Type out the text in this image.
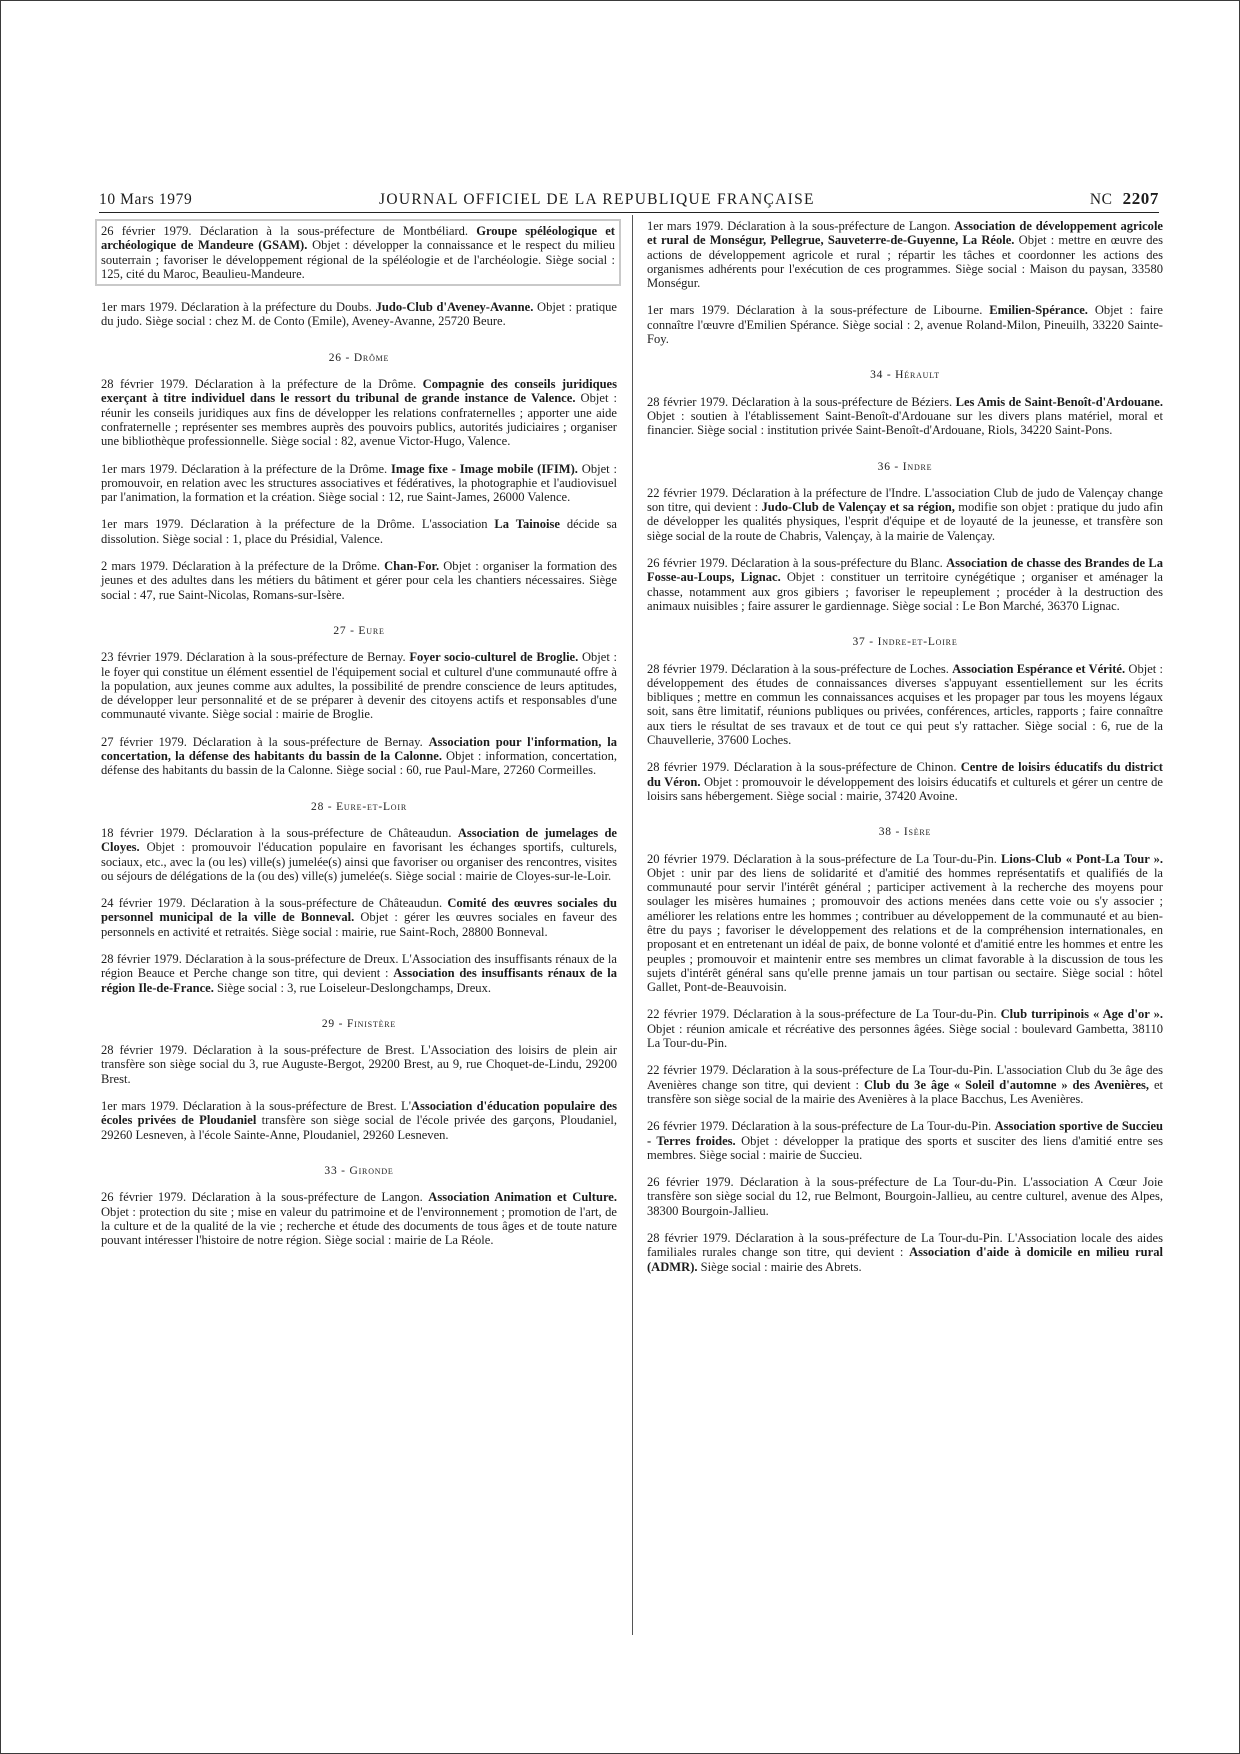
10 Mars 1979	JOURNAL OFFICIEL DE LA REPUBLIQUE FRANÇAISE	NC 2207

26 février 1979. Déclaration à la sous-préfecture de Montbéliard. Groupe spéléologique et archéologique de Mandeure (GSAM). Objet : développer la connaissance et le respect du milieu souterrain ; favoriser le développement régional de la spéléologie et de l'archéologie. Siège social : 125, cité du Maroc, Beaulieu-Mandeure.

1er mars 1979. Déclaration à la préfecture du Doubs. Judo-Club d'Aveney-Avanne. Objet : pratique du judo. Siège social : chez M. de Conto (Emile), Aveney-Avanne, 25720 Beure.

26 - Drôme

28 février 1979. Déclaration à la préfecture de la Drôme. Compagnie des conseils juridiques exerçant à titre individuel dans le ressort du tribunal de grande instance de Valence. Objet : réunir les conseils juridiques aux fins de développer les relations confraternelles ; apporter une aide confraternelle ; représenter ses membres auprès des pouvoirs publics, autorités judiciaires ; organiser une bibliothèque professionnelle. Siège social : 82, avenue Victor-Hugo, Valence.

1er mars 1979. Déclaration à la préfecture de la Drôme. Image fixe - Image mobile (IFIM). Objet : promouvoir, en relation avec les structures associatives et fédératives, la photographie et l'audiovisuel par l'animation, la formation et la création. Siège social : 12, rue Saint-James, 26000 Valence.

1er mars 1979. Déclaration à la préfecture de la Drôme. L'association La Tainoise décide sa dissolution. Siège social : 1, place du Présidial, Valence.

2 mars 1979. Déclaration à la préfecture de la Drôme. Chan-For. Objet : organiser la formation des jeunes et des adultes dans les métiers du bâtiment et gérer pour cela les chantiers nécessaires. Siège social : 47, rue Saint-Nicolas, Romans-sur-Isère.

27 - Eure

23 février 1979. Déclaration à la sous-préfecture de Bernay. Foyer socio-culturel de Broglie. Objet : le foyer qui constitue un élément essentiel de l'équipement social et culturel d'une communauté offre à la population, aux jeunes comme aux adultes, la possibilité de prendre conscience de leurs aptitudes, de développer leur personnalité et de se préparer à devenir des citoyens actifs et responsables d'une communauté vivante. Siège social : mairie de Broglie.

27 février 1979. Déclaration à la sous-préfecture de Bernay. Association pour l'information, la concertation, la défense des habitants du bassin de la Calonne. Objet : information, concertation, défense des habitants du bassin de la Calonne. Siège social : 60, rue Paul-Mare, 27260 Cormeilles.

28 - Eure-et-Loir

18 février 1979. Déclaration à la sous-préfecture de Châteaudun. Association de jumelages de Cloyes. Objet : promouvoir l'éducation populaire en favorisant les échanges sportifs, culturels, sociaux, etc., avec la (ou les) ville(s) jumelée(s) ainsi que favoriser ou organiser des rencontres, visites ou séjours de délégations de la (ou des) ville(s) jumelée(s. Siège social : mairie de Cloyes-sur-le-Loir.

24 février 1979. Déclaration à la sous-préfecture de Châteaudun. Comité des œuvres sociales du personnel municipal de la ville de Bonneval. Objet : gérer les œuvres sociales en faveur des personnels en activité et retraités. Siège social : mairie, rue Saint-Roch, 28800 Bonneval.

28 février 1979. Déclaration à la sous-préfecture de Dreux. L'Association des insuffisants rénaux de la région Beauce et Perche change son titre, qui devient : Association des insuffisants rénaux de la région Ile-de-France. Siège social : 3, rue Loiseleur-Deslongchamps, Dreux.

29 - Finistère

28 février 1979. Déclaration à la sous-préfecture de Brest. L'Association des loisirs de plein air transfère son siège social du 3, rue Auguste-Bergot, 29200 Brest, au 9, rue Choquet-de-Lindu, 29200 Brest.

1er mars 1979. Déclaration à la sous-préfecture de Brest. L'Association d'éducation populaire des écoles privées de Ploudaniel transfère son siège social de l'école privée des garçons, Ploudaniel, 29260 Lesneven, à l'école Sainte-Anne, Ploudaniel, 29260 Lesneven.

33 - Gironde

26 février 1979. Déclaration à la sous-préfecture de Langon. Association Animation et Culture. Objet : protection du site ; mise en valeur du patrimoine et de l'environnement ; promotion de l'art, de la culture et de la qualité de la vie ; recherche et étude des documents de tous âges et de toute nature pouvant intéresser l'histoire de notre région. Siège social : mairie de La Réole.

1er mars 1979. Déclaration à la sous-préfecture de Langon. Association de développement agricole et rural de Monségur, Pellegrue, Sauveterre-de-Guyenne, La Réole. Objet : mettre en œuvre des actions de développement agricole et rural ; répartir les tâches et coordonner les actions des organismes adhérents pour l'exécution de ces programmes. Siège social : Maison du paysan, 33580 Monségur.

1er mars 1979. Déclaration à la sous-préfecture de Libourne. Emilien-Spérance. Objet : faire connaître l'œuvre d'Emilien Spérance. Siège social : 2, avenue Roland-Milon, Pineuilh, 33220 Sainte-Foy.

34 - Hérault

28 février 1979. Déclaration à la sous-préfecture de Béziers. Les Amis de Saint-Benoît-d'Ardouane. Objet : soutien à l'établissement Saint-Benoît-d'Ardouane sur les divers plans matériel, moral et financier. Siège social : institution privée Saint-Benoît-d'Ardouane, Riols, 34220 Saint-Pons.

36 - Indre

22 février 1979. Déclaration à la préfecture de l'Indre. L'association Club de judo de Valençay change son titre, qui devient : Judo-Club de Valençay et sa région, modifie son objet : pratique du judo afin de développer les qualités physiques, l'esprit d'équipe et de loyauté de la jeunesse, et transfère son siège social de la route de Chabris, Valençay, à la mairie de Valençay.

26 février 1979. Déclaration à la sous-préfecture du Blanc. Association de chasse des Brandes de La Fosse-au-Loups, Lignac. Objet : constituer un territoire cynégétique ; organiser et aménager la chasse, notamment aux gros gibiers ; favoriser le repeuplement ; procéder à la destruction des animaux nuisibles ; faire assurer le gardiennage. Siège social : Le Bon Marché, 36370 Lignac.

37 - Indre-et-Loire

28 février 1979. Déclaration à la sous-préfecture de Loches. Association Espérance et Vérité. Objet : développement des études de connaissances diverses s'appuyant essentiellement sur les écrits bibliques ; mettre en commun les connaissances acquises et les propager par tous les moyens légaux soit, sans être limitatif, réunions publiques ou privées, conférences, articles, rapports ; faire connaître aux tiers le résultat de ses travaux et de tout ce qui peut s'y rattacher. Siège social : 6, rue de la Chauvellerie, 37600 Loches.

28 février 1979. Déclaration à la sous-préfecture de Chinon. Centre de loisirs éducatifs du district du Véron. Objet : promouvoir le développement des loisirs éducatifs et culturels et gérer un centre de loisirs sans hébergement. Siège social : mairie, 37420 Avoine.

38 - Isère

20 février 1979. Déclaration à la sous-préfecture de La Tour-du-Pin. Lions-Club « Pont-La Tour ». Objet : unir par des liens de solidarité et d'amitié des hommes représentatifs et qualifiés de la communauté pour servir l'intérêt général ; participer activement à la recherche des moyens pour soulager les misères humaines ; promouvoir des actions menées dans cette voie ou s'y associer ; améliorer les relations entre les hommes ; contribuer au développement de la communauté et au bien-être du pays ; favoriser le développement des relations et de la compréhension internationales, en proposant et en entretenant un idéal de paix, de bonne volonté et d'amitié entre les hommes et entre les peuples ; promouvoir et maintenir entre ses membres un climat favorable à la discussion de tous les sujets d'intérêt général sans qu'elle prenne jamais un tour partisan ou sectaire. Siège social : hôtel Gallet, Pont-de-Beauvoisin.

22 février 1979. Déclaration à la sous-préfecture de La Tour-du-Pin. Club turripinois « Age d'or ». Objet : réunion amicale et récréative des personnes âgées. Siège social : boulevard Gambetta, 38110 La Tour-du-Pin.

22 février 1979. Déclaration à la sous-préfecture de La Tour-du-Pin. L'association Club du 3e âge des Avenières change son titre, qui devient : Club du 3e âge « Soleil d'automne » des Avenières, et transfère son siège social de la mairie des Avenières à la place Bacchus, Les Avenières.

26 février 1979. Déclaration à la sous-préfecture de La Tour-du-Pin. Association sportive de Succieu - Terres froides. Objet : développer la pratique des sports et susciter des liens d'amitié entre ses membres. Siège social : mairie de Succieu.

26 février 1979. Déclaration à la sous-préfecture de La Tour-du-Pin. L'association A Cœur Joie transfère son siège social du 12, rue Belmont, Bourgoin-Jallieu, au centre culturel, avenue des Alpes, 38300 Bourgoin-Jallieu.

28 février 1979. Déclaration à la sous-préfecture de La Tour-du-Pin. L'Association locale des aides familiales rurales change son titre, qui devient : Association d'aide à domicile en milieu rural (ADMR). Siège social : mairie des Abrets.
